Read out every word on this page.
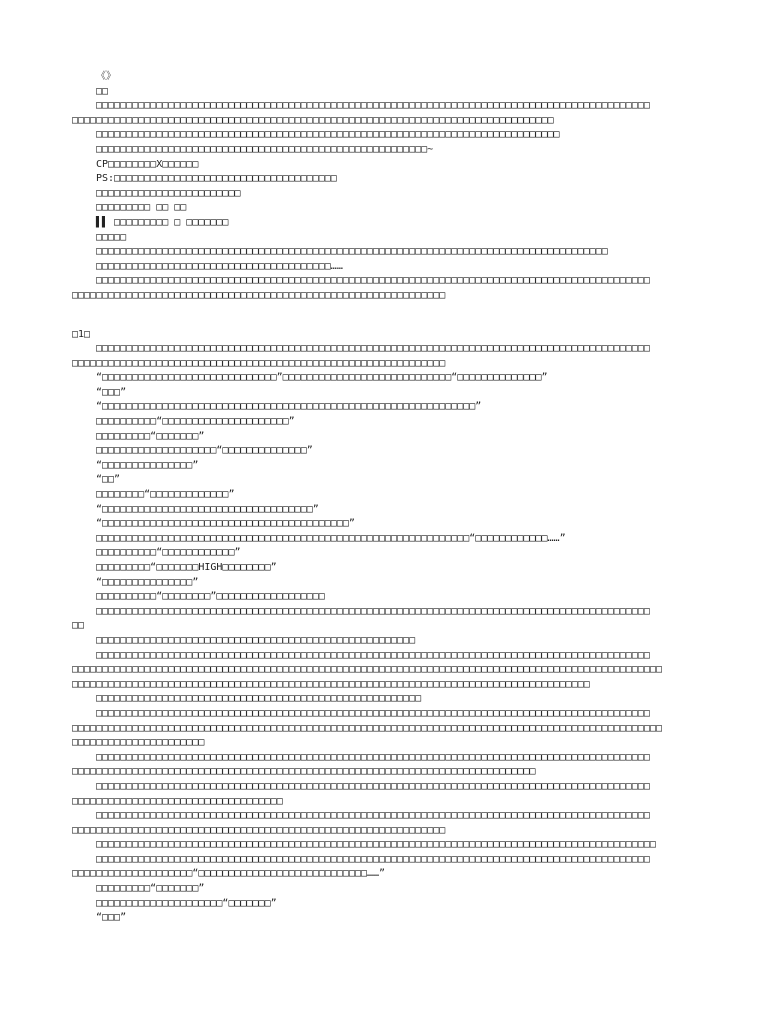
《》
□□
□□□□□□□□□□□□□□□□□□□□□□□□□□□□□□□□□□□□□□□□□□□□□□□□□□□□□□□□□□□□□□□□□□□□□□□□□□□□□□□□□□□□□□□□□□□□
□□□□□□□□□□□□□□□□□□□□□□□□□□□□□□□□□□□□□□□□□□□□□□□□□□□□□□□□□□□□□□□□□□□□□□□□□□□□□□□□
□□□□□□□□□□□□□□□□□□□□□□□□□□□□□□□□□□□□□□□□□□□□□□□□□□□□□□□□□□□□□□□□□□□□□□□□□□□□□
□□□□□□□□□□□□□□□□□□□□□□□□□□□□□□□□□□□□□□□□□□□□□□□□□□□□□□□~
CP□□□□□□□□X□□□□□□
PS:□□□□□□□□□□□□□□□□□□□□□□□□□□□□□□□□□□□□□
□□□□□□□□□□□□□□□□□□□□□□□□
□□□□□□□□□ □□ □□
▌▌ □□□□□□□□□ □ □□□□□□□
□□□□□
□□□□□□□□□□□□□□□□□□□□□□□□□□□□□□□□□□□□□□□□□□□□□□□□□□□□□□□□□□□□□□□□□□□□□□□□□□□□□□□□□□□□□
□□□□□□□□□□□□□□□□□□□□□□□□□□□□□□□□□□□□□□□……
□□□□□□□□□□□□□□□□□□□□□□□□□□□□□□□□□□□□□□□□□□□□□□□□□□□□□□□□□□□□□□□□□□□□□□□□□□□□□□□□□□□□□□□□□□□□
□□□□□□□□□□□□□□□□□□□□□□□□□□□□□□□□□□□□□□□□□□□□□□□□□□□□□□□□□□□□□□
□1□
□□□□□□□□□□□□□□□□□□□□□□□□□□□□□□□□□□□□□□□□□□□□□□□□□□□□□□□□□□□□□□□□□□□□□□□□□□□□□□□□□□□□□□□□□□□□
□□□□□□□□□□□□□□□□□□□□□□□□□□□□□□□□□□□□□□□□□□□□□□□□□□□□□□□□□□□□□□
“□□□□□□□□□□□□□□□□□□□□□□□□□□□□□”□□□□□□□□□□□□□□□□□□□□□□□□□□□□“□□□□□□□□□□□□□□”
“□□□”
“□□□□□□□□□□□□□□□□□□□□□□□□□□□□□□□□□□□□□□□□□□□□□□□□□□□□□□□□□□□□□□”
□□□□□□□□□□“□□□□□□□□□□□□□□□□□□□□□”
□□□□□□□□□“□□□□□□□”
□□□□□□□□□□□□□□□□□□□□“□□□□□□□□□□□□□□”
“□□□□□□□□□□□□□□□”
“□□”
□□□□□□□□“□□□□□□□□□□□□□”
“□□□□□□□□□□□□□□□□□□□□□□□□□□□□□□□□□□□”
“□□□□□□□□□□□□□□□□□□□□□□□□□□□□□□□□□□□□□□□□□”
□□□□□□□□□□□□□□□□□□□□□□□□□□□□□□□□□□□□□□□□□□□□□□□□□□□□□□□□□□□□□□“□□□□□□□□□□□□……”
□□□□□□□□□□“□□□□□□□□□□□□”
□□□□□□□□□“□□□□□□□HIGH□□□□□□□□”
“□□□□□□□□□□□□□□□”
□□□□□□□□□□“□□□□□□□□”□□□□□□□□□□□□□□□□□□
□□□□□□□□□□□□□□□□□□□□□□□□□□□□□□□□□□□□□□□□□□□□□□□□□□□□□□□□□□□□□□□□□□□□□□□□□□□□□□□□□□□□□□□□□□□□
□□
□□□□□□□□□□□□□□□□□□□□□□□□□□□□□□□□□□□□□□□□□□□□□□□□□□□□□
□□□□□□□□□□□□□□□□□□□□□□□□□□□□□□□□□□□□□□□□□□□□□□□□□□□□□□□□□□□□□□□□□□□□□□□□□□□□□□□□□□□□□□□□□□□□
□□□□□□□□□□□□□□□□□□□□□□□□□□□□□□□□□□□□□□□□□□□□□□□□□□□□□□□□□□□□□□□□□□□□□□□□□□□□□□□□□□□□□□□□□□□□□□□□□□
□□□□□□□□□□□□□□□□□□□□□□□□□□□□□□□□□□□□□□□□□□□□□□□□□□□□□□□□□□□□□□□□□□□□□□□□□□□□□□□□□□□□□□
□□□□□□□□□□□□□□□□□□□□□□□□□□□□□□□□□□□□□□□□□□□□□□□□□□□□□□
□□□□□□□□□□□□□□□□□□□□□□□□□□□□□□□□□□□□□□□□□□□□□□□□□□□□□□□□□□□□□□□□□□□□□□□□□□□□□□□□□□□□□□□□□□□□
□□□□□□□□□□□□□□□□□□□□□□□□□□□□□□□□□□□□□□□□□□□□□□□□□□□□□□□□□□□□□□□□□□□□□□□□□□□□□□□□□□□□□□□□□□□□□□□□□□
□□□□□□□□□□□□□□□□□□□□□□
□□□□□□□□□□□□□□□□□□□□□□□□□□□□□□□□□□□□□□□□□□□□□□□□□□□□□□□□□□□□□□□□□□□□□□□□□□□□□□□□□□□□□□□□□□□□
□□□□□□□□□□□□□□□□□□□□□□□□□□□□□□□□□□□□□□□□□□□□□□□□□□□□□□□□□□□□□□□□□□□□□□□□□□□□□
□□□□□□□□□□□□□□□□□□□□□□□□□□□□□□□□□□□□□□□□□□□□□□□□□□□□□□□□□□□□□□□□□□□□□□□□□□□□□□□□□□□□□□□□□□□□
□□□□□□□□□□□□□□□□□□□□□□□□□□□□□□□□□□□
□□□□□□□□□□□□□□□□□□□□□□□□□□□□□□□□□□□□□□□□□□□□□□□□□□□□□□□□□□□□□□□□□□□□□□□□□□□□□□□□□□□□□□□□□□□□
□□□□□□□□□□□□□□□□□□□□□□□□□□□□□□□□□□□□□□□□□□□□□□□□□□□□□□□□□□□□□□
□□□□□□□□□□□□□□□□□□□□□□□□□□□□□□□□□□□□□□□□□□□□□□□□□□□□□□□□□□□□□□□□□□□□□□□□□□□□□□□□□□□□□□□□□□□□□
□□□□□□□□□□□□□□□□□□□□□□□□□□□□□□□□□□□□□□□□□□□□□□□□□□□□□□□□□□□□□□□□□□□□□□□□□□□□□□□□□□□□□□□□□□□□
□□□□□□□□□□□□□□□□□□□□“□□□□□□□□□□□□□□□□□□□□□□□□□□□□……”
□□□□□□□□□“□□□□□□□”
□□□□□□□□□□□□□□□□□□□□□“□□□□□□□”
“□□□”
